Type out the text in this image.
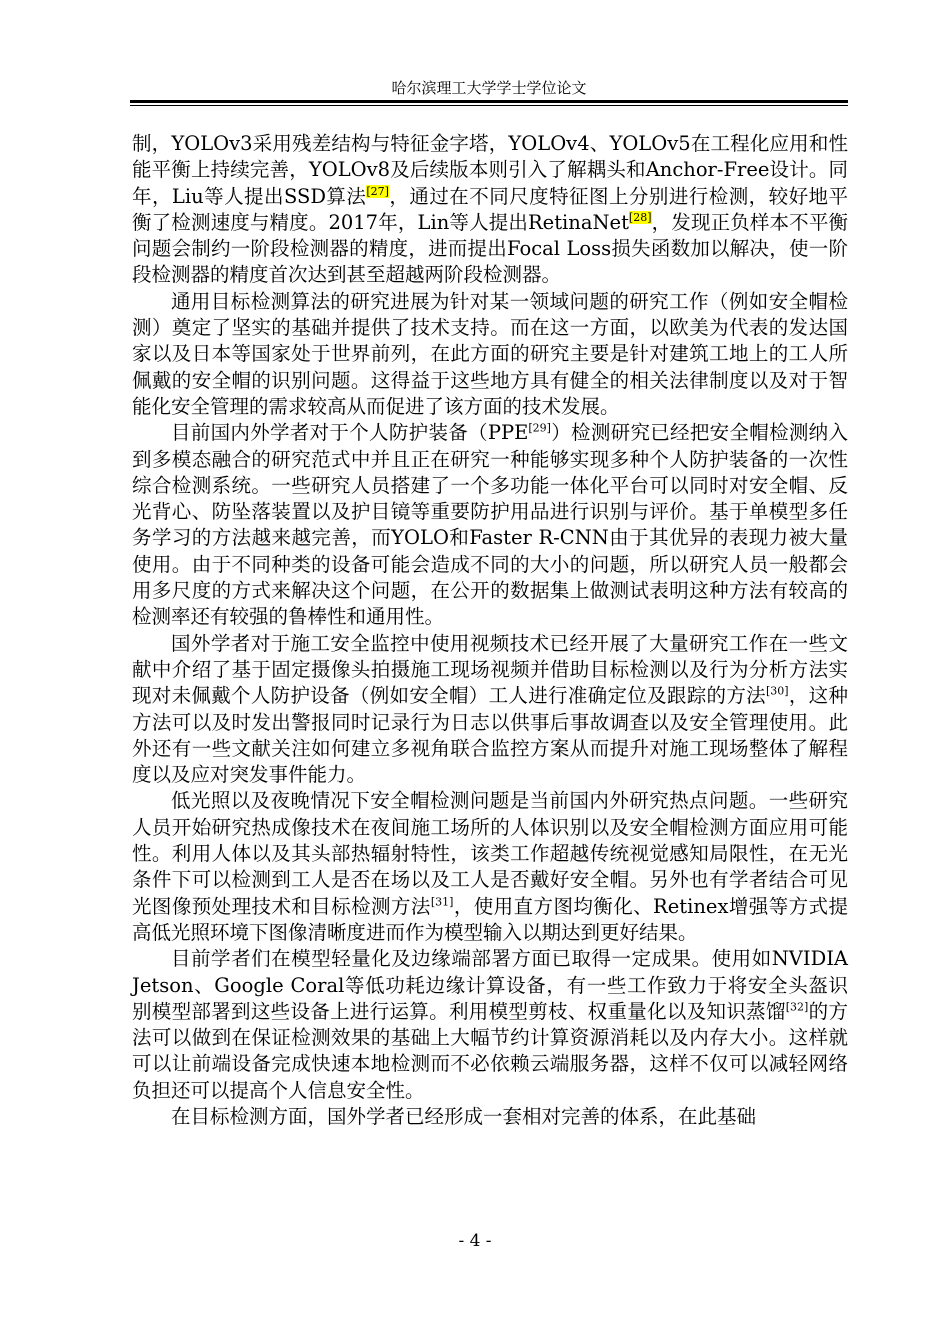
哈尔滨理工大学学士学位论文

制，YOLOv3采用残差结构与特征金字塔，YOLOv4、YOLOv5在工程化应用和性能平衡上持续完善，YOLOv8及后续版本则引入了解耦头和Anchor-Free设计。同年，Liu等人提出SSD算法[27]，通过在不同尺度特征图上分别进行检测，较好地平衡了检测速度与精度。2017年，Lin等人提出RetinaNet[28]，发现正负样本不平衡问题会制约一阶段检测器的精度，进而提出Focal Loss损失函数加以解决，使一阶段检测器的精度首次达到甚至超越两阶段检测器。

通用目标检测算法的研究进展为针对某一领域问题的研究工作（例如安全帽检测）奠定了坚实的基础并提供了技术支持。而在这一方面，以欧美为代表的发达国家以及日本等国家处于世界前列，在此方面的研究主要是针对建筑工地上的工人所佩戴的安全帽的识别问题。这得益于这些地方具有健全的相关法律制度以及对于智能化安全管理的需求较高从而促进了该方面的技术发展。

目前国内外学者对于个人防护装备（PPE[29]）检测研究已经把安全帽检测纳入到多模态融合的研究范式中并且正在研究一种能够实现多种个人防护装备的一次性综合检测系统。一些研究人员搭建了一个多功能一体化平台可以同时对安全帽、反光背心、防坠落装置以及护目镜等重要防护用品进行识别与评价。基于单模型多任务学习的方法越来越完善，而YOLO和Faster R-CNN由于其优异的表现力被大量使用。由于不同种类的设备可能会造成不同的大小的问题，所以研究人员一般都会用多尺度的方式来解决这个问题，在公开的数据集上做测试表明这种方法有较高的检测率还有较强的鲁棒性和通用性。

国外学者对于施工安全监控中使用视频技术已经开展了大量研究工作在一些文献中介绍了基于固定摄像头拍摄施工现场视频并借助目标检测以及行为分析方法实现对未佩戴个人防护设备（例如安全帽）工人进行准确定位及跟踪的方法[30]，这种方法可以及时发出警报同时记录行为日志以供事后事故调查以及安全管理使用。此外还有一些文献关注如何建立多视角联合监控方案从而提升对施工现场整体了解程度以及应对突发事件能力。

低光照以及夜晚情况下安全帽检测问题是当前国内外研究热点问题。一些研究人员开始研究热成像技术在夜间施工场所的人体识别以及安全帽检测方面应用可能性。利用人体以及其头部热辐射特性，该类工作超越传统视觉感知局限性，在无光条件下可以检测到工人是否在场以及工人是否戴好安全帽。另外也有学者结合可见光图像预处理技术和目标检测方法[31]，使用直方图均衡化、Retinex增强等方式提高低光照环境下图像清晰度进而作为模型输入以期达到更好结果。

目前学者们在模型轻量化及边缘端部署方面已取得一定成果。使用如NVIDIA Jetson、Google Coral等低功耗边缘计算设备，有一些工作致力于将安全头盔识别模型部署到这些设备上进行运算。利用模型剪枝、权重量化以及知识蒸馏[32]的方法可以做到在保证检测效果的基础上大幅节约计算资源消耗以及内存大小。这样就可以让前端设备完成快速本地检测而不必依赖云端服务器，这样不仅可以减轻网络负担还可以提高个人信息安全性。

在目标检测方面，国外学者已经形成一套相对完善的体系，在此基础

- 4 -
